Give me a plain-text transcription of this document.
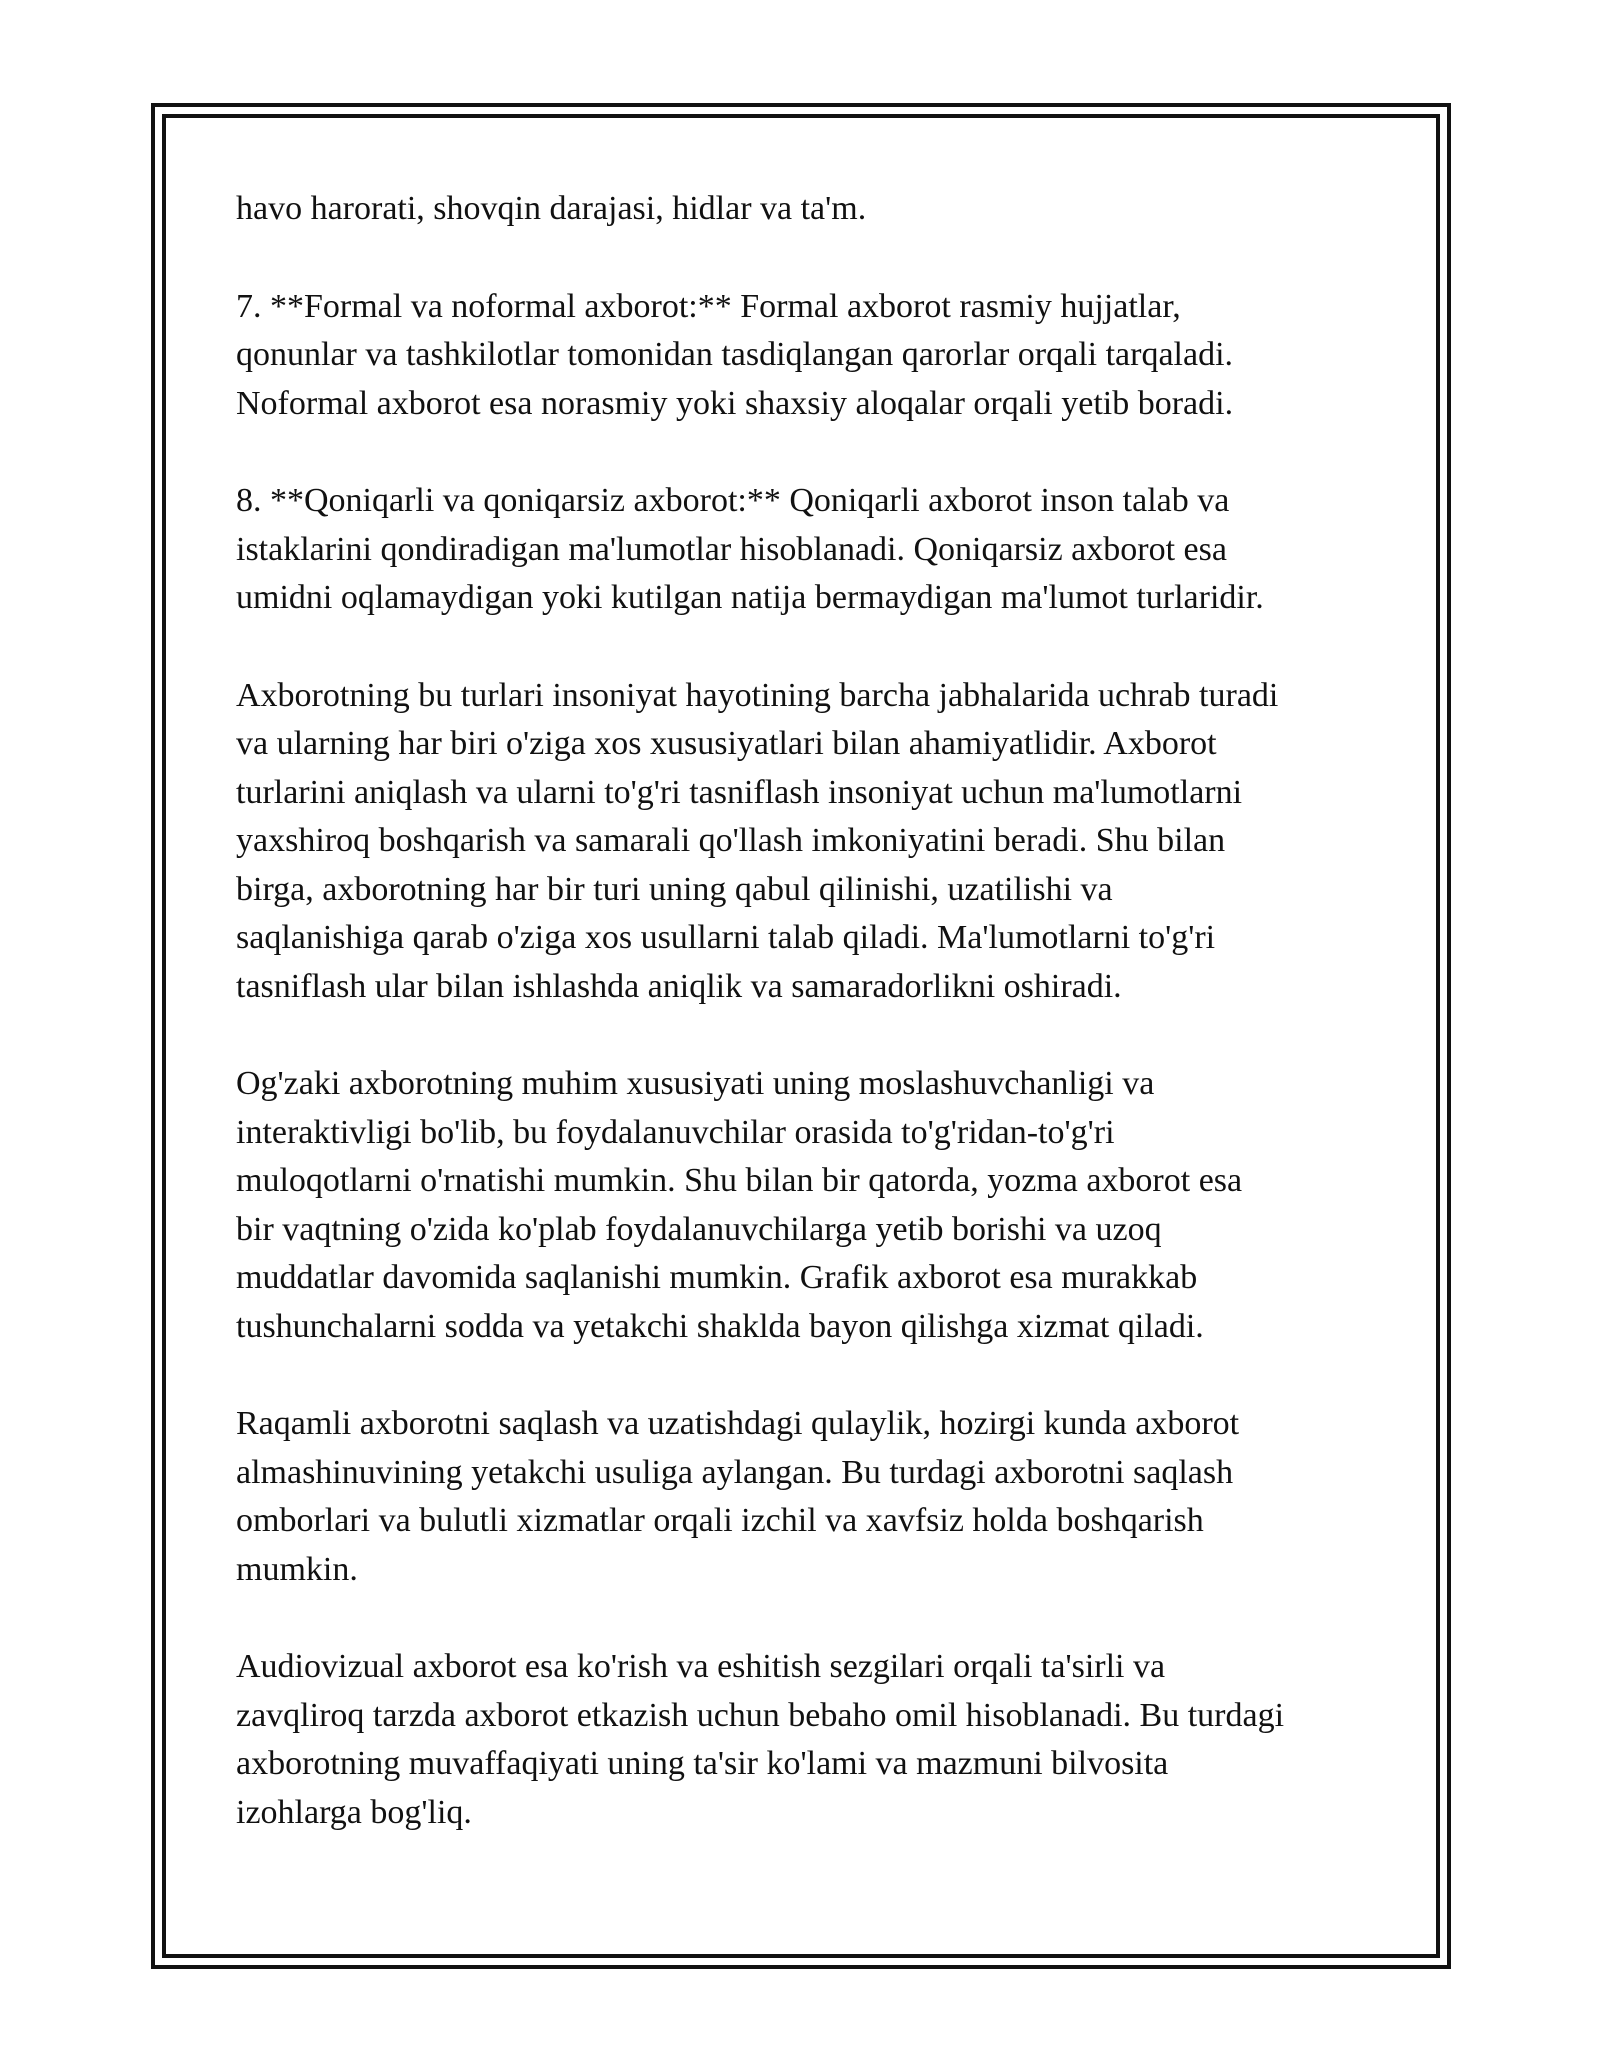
havo harorati, shovqin darajasi, hidlar va ta'm.

7. **Formal va noformal axborot:** Formal axborot rasmiy hujjatlar,
qonunlar va tashkilotlar tomonidan tasdiqlangan qarorlar orqali tarqaladi.
Noformal axborot esa norasmiy yoki shaxsiy aloqalar orqali yetib boradi.

8. **Qoniqarli va qoniqarsiz axborot:** Qoniqarli axborot inson talab va
istaklarini qondiradigan ma'lumotlar hisoblanadi. Qoniqarsiz axborot esa
umidni oqlamaydigan yoki kutilgan natija bermaydigan ma'lumot turlaridir.

Axborotning bu turlari insoniyat hayotining barcha jabhalarida uchrab turadi
va ularning har biri o'ziga xos xususiyatlari bilan ahamiyatlidir. Axborot
turlarini aniqlash va ularni to'g'ri tasniflash insoniyat uchun ma'lumotlarni
yaxshiroq boshqarish va samarali qo'llash imkoniyatini beradi. Shu bilan
birga, axborotning har bir turi uning qabul qilinishi, uzatilishi va
saqlanishiga qarab o'ziga xos usullarni talab qiladi. Ma'lumotlarni to'g'ri
tasniflash ular bilan ishlashda aniqlik va samaradorlikni oshiradi.

Og'zaki axborotning muhim xususiyati uning moslashuvchanligi va
interaktivligi bo'lib, bu foydalanuvchilar orasida to'g'ridan-to'g'ri
muloqotlarni o'rnatishi mumkin. Shu bilan bir qatorda, yozma axborot esa
bir vaqtning o'zida ko'plab foydalanuvchilarga yetib borishi va uzoq
muddatlar davomida saqlanishi mumkin. Grafik axborot esa murakkab
tushunchalarni sodda va yetakchi shaklda bayon qilishga xizmat qiladi.

Raqamli axborotni saqlash va uzatishdagi qulaylik, hozirgi kunda axborot
almashinuvining yetakchi usuliga aylangan. Bu turdagi axborotni saqlash
omborlari va bulutli xizmatlar orqali izchil va xavfsiz holda boshqarish
mumkin.

Audiovizual axborot esa ko'rish va eshitish sezgilari orqali ta'sirli va
zavqliroq tarzda axborot etkazish uchun bebaho omil hisoblanadi. Bu turdagi
axborotning muvaffaqiyati uning ta'sir ko'lami va mazmuni bilvosita
izohlarga bog'liq.
